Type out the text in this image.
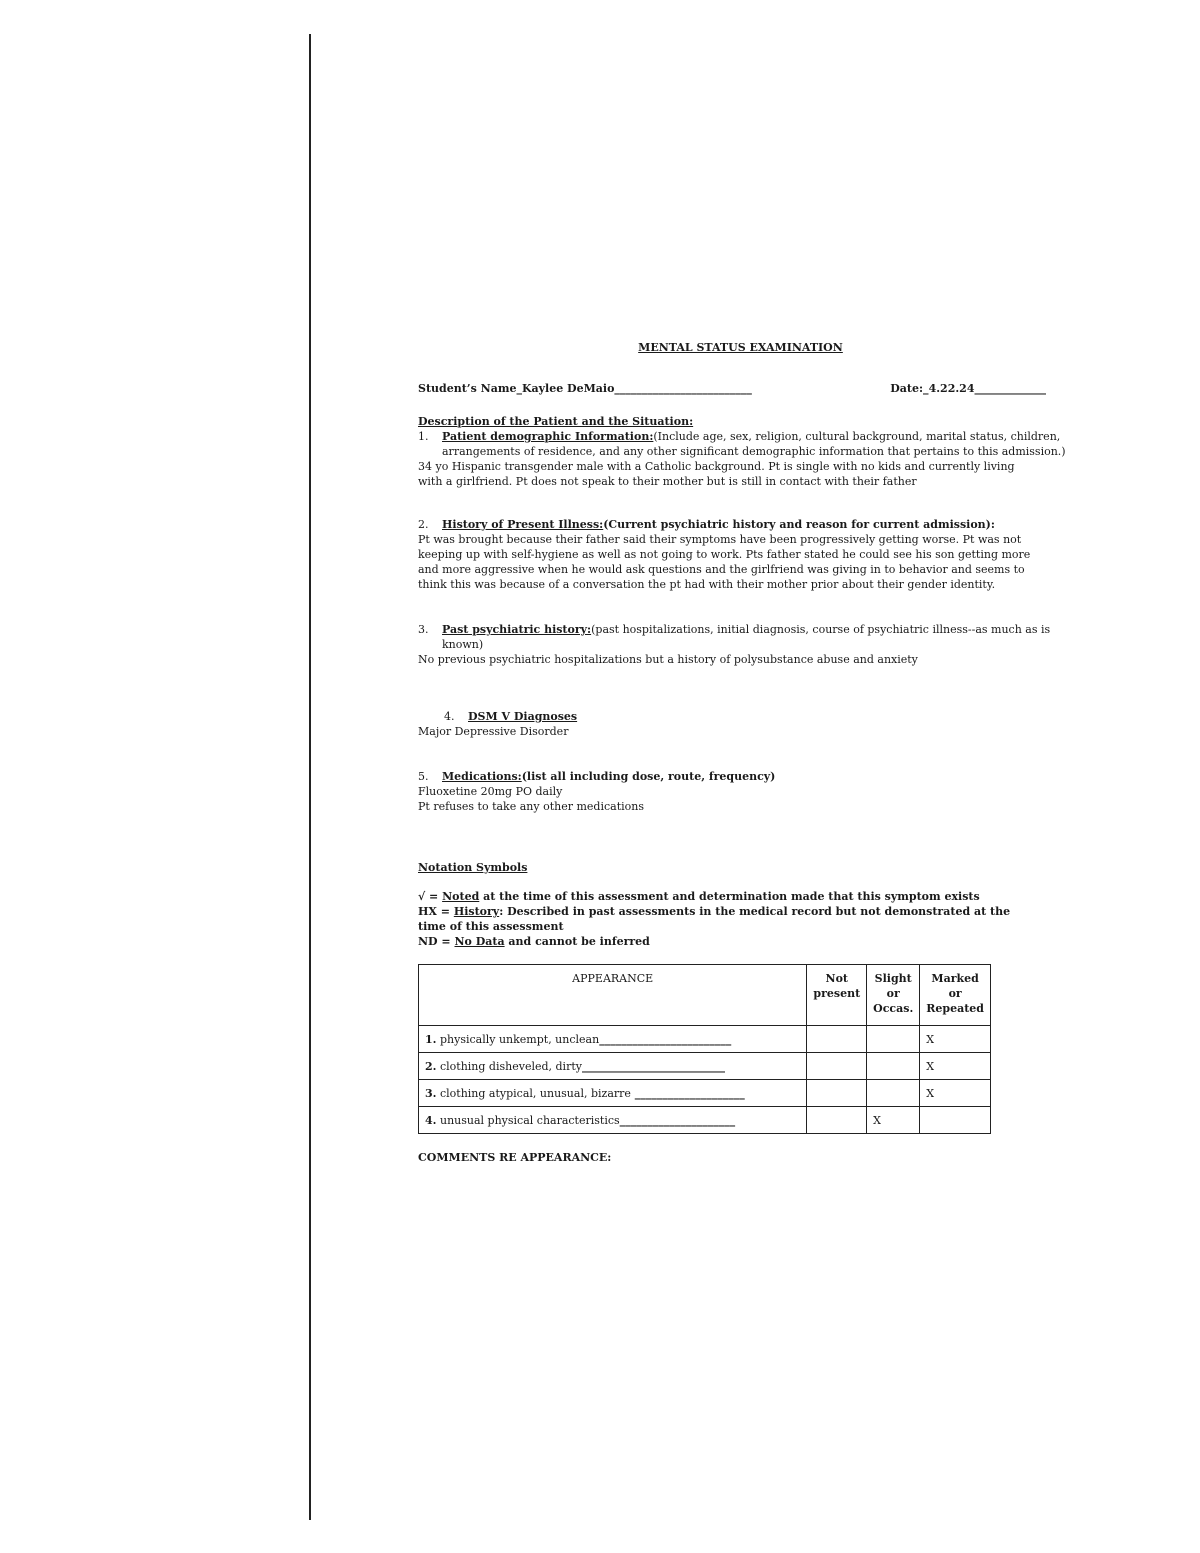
MENTAL STATUS EXAMINATION
Student’s Name_Kaylee DeMaio_________________________	Date:_4.22.24_____________
Description of the Patient and the Situation:
1.	Patient demographic Information:(Include age, sex, religion, cultural background, marital status, children,
arrangements of residence, and any other significant demographic information that pertains to this admission.)
34 yo Hispanic transgender male with a Catholic background. Pt is single with no kids and currently living with a girlfriend. Pt does not speak to their mother but is still in contact with their father
2.	History of Present Illness:(Current psychiatric history and reason for current admission):
Pt was brought because their father said their symptoms have been progressively getting worse. Pt was not keeping up with self-hygiene as well as not going to work. Pts father stated he could see his son getting more and more aggressive when he would ask questions and the girlfriend was giving in to behavior and seems to think this was because of a conversation the pt had with their mother prior about their gender identity.
3.	Past psychiatric history:(past hospitalizations, initial diagnosis, course of psychiatric illness--as much as is known)
No previous psychiatric hospitalizations but a history of polysubstance abuse and anxiety
4.	DSM V Diagnoses
Major Depressive Disorder
5.	Medications:(list all including dose, route, frequency)
Fluoxetine 20mg PO daily
Pt refuses to take any other medications
Notation Symbols
√ = Noted at the time of this assessment and determination made that this symptom exists
HX = History: Described in past assessments in the medical record but not demonstrated at the time of this assessment
ND = No Data and cannot be inferred
APPEARANCE	Not present	Slight or Occas.	Marked or Repeated
1. physically unkempt, unclean________________________			X
2. clothing disheveled, dirty__________________________			X
3. clothing atypical, unusual, bizarre ____________________			X
4. unusual physical characteristics_____________________		X	
COMMENTS RE APPEARANCE:
